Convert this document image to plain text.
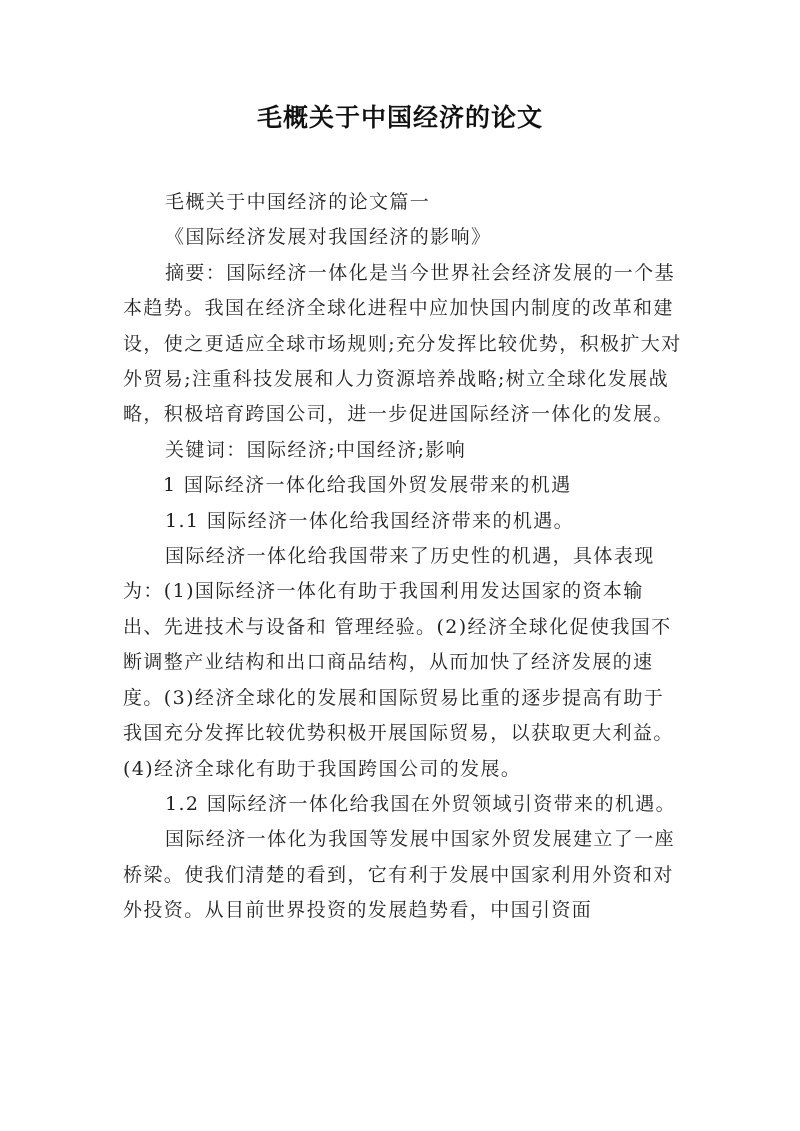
毛概关于中国经济的论文

毛概关于中国经济的论文篇一

《国际经济发展对我国经济的影响》

摘要：国际经济一体化是当今世界社会经济发展的一个基本趋势。我国在经济全球化进程中应加快国内制度的改革和建设，使之更适应全球市场规则;充分发挥比较优势，积极扩大对外贸易;注重科技发展和人力资源培养战略;树立全球化发展战略，积极培育跨国公司，进一步促进国际经济一体化的发展。

关键词：国际经济;中国经济;影响

1 国际经济一体化给我国外贸发展带来的机遇

1.1 国际经济一体化给我国经济带来的机遇。

国际经济一体化给我国带来了历史性的机遇，具体表现为：(1)国际经济一体化有助于我国利用发达国家的资本输出、先进技术与设备和 管理经验。(2)经济全球化促使我国不断调整产业结构和出口商品结构，从而加快了经济发展的速度。(3)经济全球化的发展和国际贸易比重的逐步提高有助于我国充分发挥比较优势积极开展国际贸易，以获取更大利益。(4)经济全球化有助于我国跨国公司的发展。

1.2 国际经济一体化给我国在外贸领域引资带来的机遇。

国际经济一体化为我国等发展中国家外贸发展建立了一座桥梁。使我们清楚的看到，它有利于发展中国家利用外资和对外投资。从目前世界投资的发展趋势看，中国引资面
